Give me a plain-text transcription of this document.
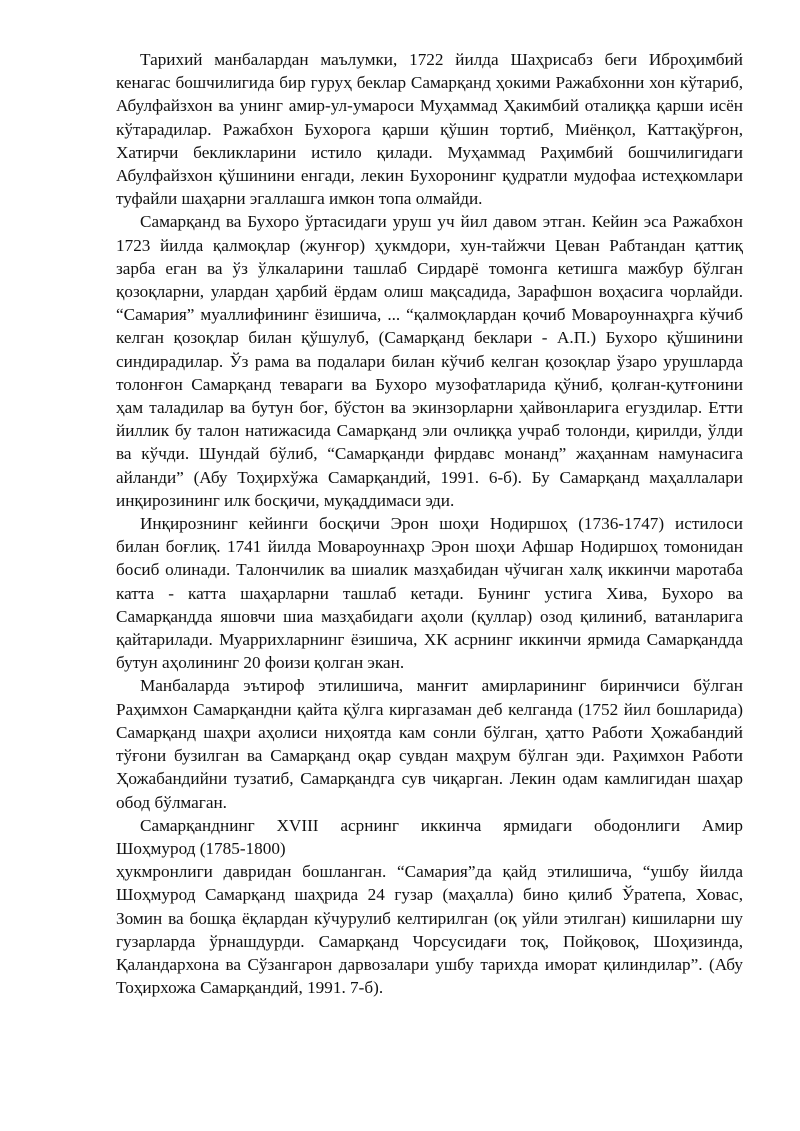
Тарихий манбалардан маълумки, 1722 йилда Шаҳрисабз беги Иброҳимбий кенагас бошчилигида бир гуруҳ беклар Самарқанд ҳокими Ражабхонни хон кўтариб, Абулфайзхон ва унинг амир-ул-умароси Муҳаммад Ҳакимбий оталиққа қарши исён кўтарадилар. Ражабхон Бухорога қарши қўшин тортиб, Миёнқол, Каттақўрғон, Хатирчи бекликларини истило қилади. Муҳаммад Раҳимбий бошчилигидаги Абулфайзхон қўшинини енгади, лекин Бухоронинг қудратли мудофаа истеҳкомлари туфайли шаҳарни эгаллашга имкон топа олмайди.

Самарқанд ва Бухоро ўртасидаги уруш уч йил давом этган. Кейин эса Ражабхон 1723 йилда қалмоқлар (жунғор) ҳукмдори, хун-тайжчи Цеван Рабтандан қаттиқ зарба еган ва ўз ўлкаларини ташлаб Сирдарё томонга кетишга мажбур бўлган қозоқларни, улардан ҳарбий ёрдам олиш мақсадида, Зарафшон воҳасига чорлайди. “Самария” муаллифининг ёзишича, ... “қалмоқлардан қочиб Мовароуннаҳрга кўчиб келган қозоқлар билан қўшулуб, (Самарқанд беклари - А.П.) Бухоро қўшинини синдирадилар. Ўз рама ва подалари билан кўчиб келган қозоқлар ўзаро урушларда толонғон Самарқанд тевараги ва Бухоро музофатларида қўниб, қолған-қутғонини ҳам таладилар ва бутун боғ, бўстон ва экинзорларни ҳайвонларига егуздилар. Етти йиллик бу талон натижасида Самарқанд эли очлиққа учраб толонди, қирилди, ўлди ва кўчди. Шундай бўлиб, “Самарқанди фирдавс монанд” жаҳаннам намунасига айланди” (Абу Тоҳирхўжа Самарқандий, 1991. 6-б). Бу Самарқанд маҳаллалари инқирозининг илк босқичи, муқаддимаси эди.

Инқирознинг кейинги босқичи Эрон шоҳи Нодиршоҳ (1736-1747) истилоси билан боғлиқ. 1741 йилда Мовароуннаҳр Эрон шоҳи Афшар Нодиршоҳ томонидан босиб олинади. Талончилик ва шиалик мазҳабидан чўчиган халқ иккинчи маротаба катта - катта шаҳарларни ташлаб кетади. Бунинг устига Хива, Бухоро ва Самарқандда яшовчи шиа мазҳабидаги аҳоли (қуллар) озод қилиниб, ватанларига қайтарилади. Муаррихларнинг ёзишича, ХК асрнинг иккинчи ярмида Самарқандда бутун аҳолининг 20 фоизи қолган экан.

Манбаларда эътироф этилишича, манғит амирларининг биринчиси бўлган Раҳимхон Самарқандни қайта қўлга киргазаман деб келганда (1752 йил бошларида) Самарқанд шаҳри аҳолиси ниҳоятда кам сонли бўлган, ҳатто Работи Ҳожабандий тўғони бузилган ва Самарқанд оқар сувдан маҳрум бўлган эди. Раҳимхон Работи Ҳожабандийни тузатиб, Самарқандга сув чиқарган. Лекин одам камлигидан шаҳар обод бўлмаган.

Самарқанднинг XVIII асрнинг иккинча ярмидаги ободонлиги Амир

Шоҳмурод (1785-1800)

ҳукмронлиги давридан бошланган. “Самария”да қайд этилишича, “ушбу йилда Шоҳмурод Самарқанд шаҳрида 24 гузар (маҳалла) бино қилиб Ўратепа, Ховас, Зомин ва бошқа ёқлардан кўчурулиб келтирилган (оқ уйли этилган) кишиларни шу гузарларда ўрнашдурди. Самарқанд Чорсусидағи тоқ, Пойқовоқ, Шоҳизинда, Қаландархона ва Сўзангарон дарвозалари ушбу тарихда иморат қилиндилар”. (Абу Тоҳирхожа Самарқандий, 1991. 7-б).
